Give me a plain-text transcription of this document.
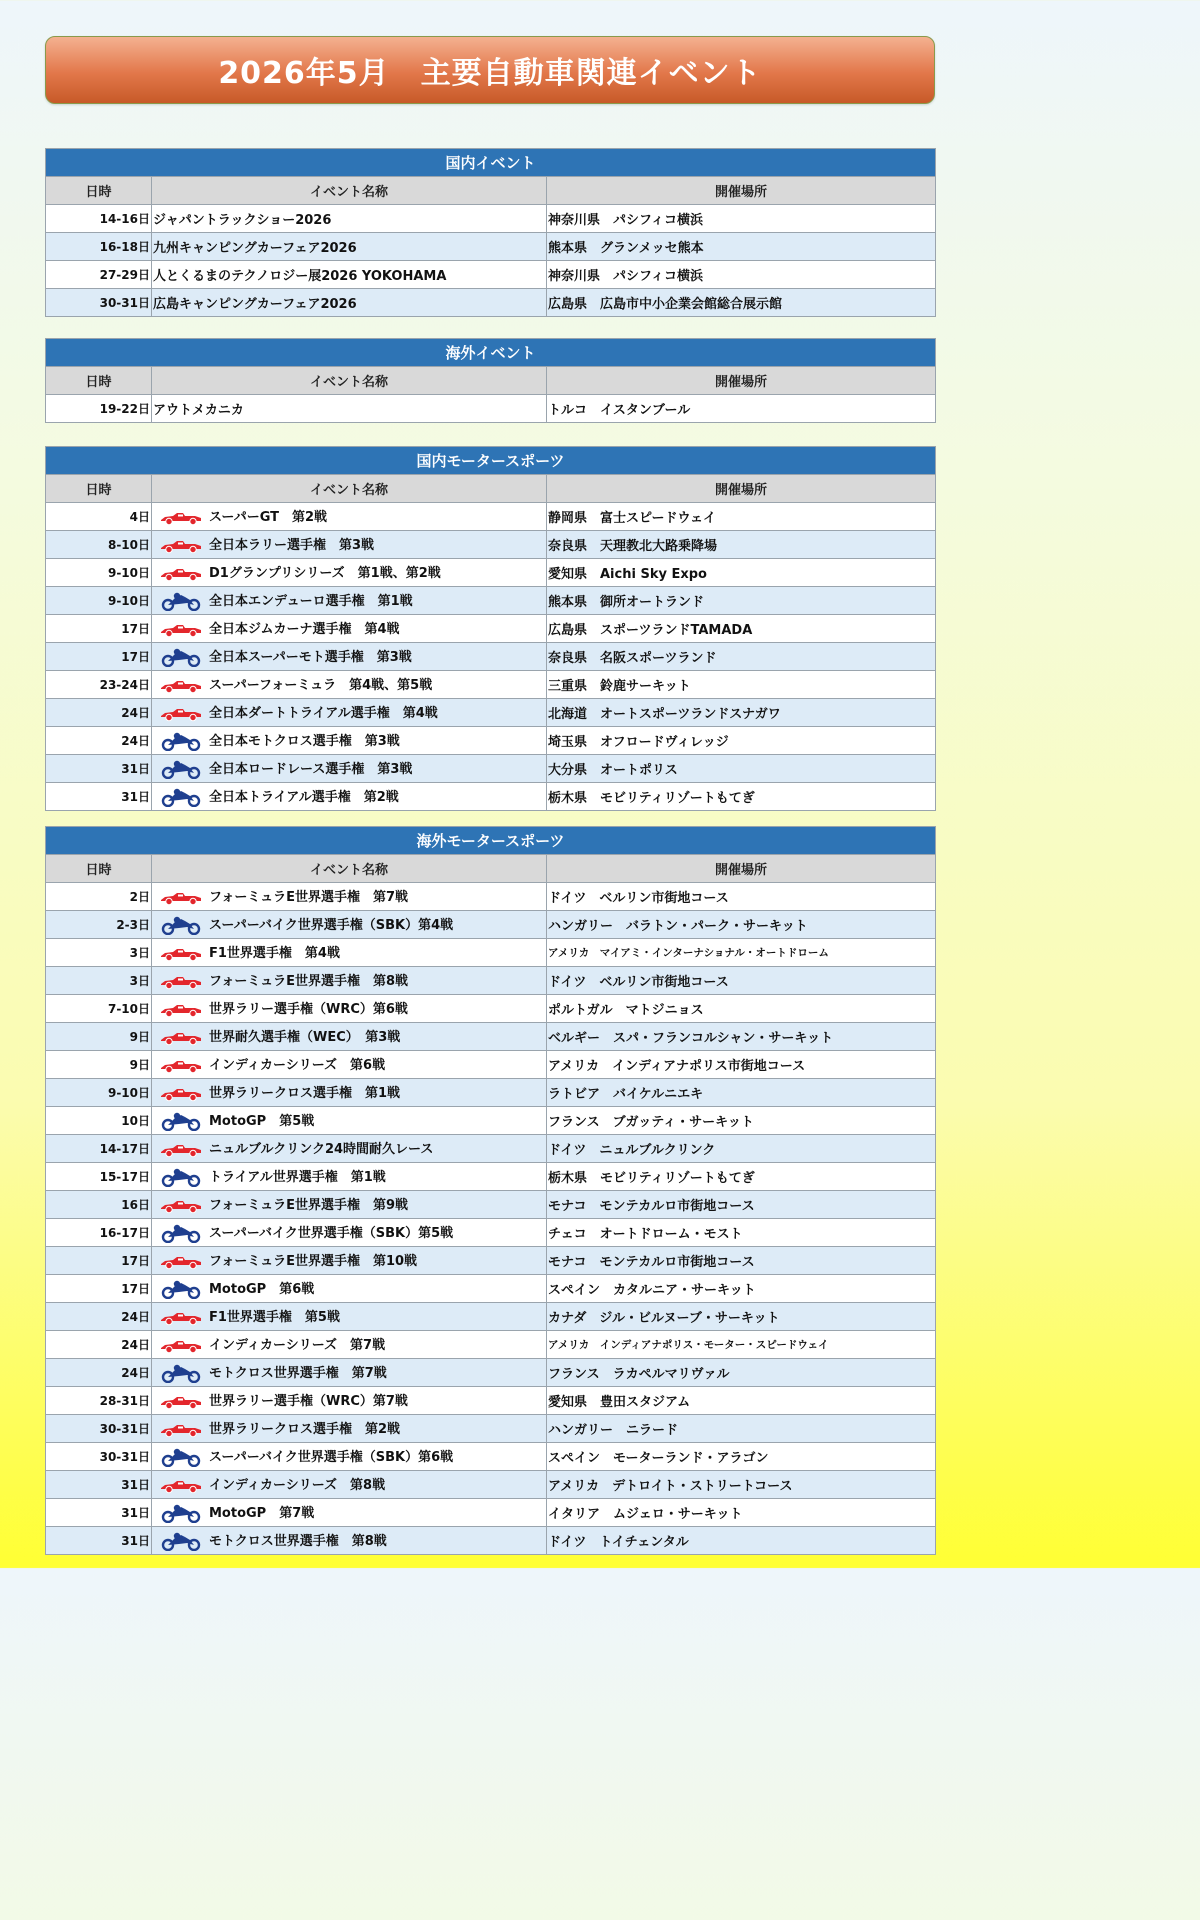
2026年5月　主要自動車関連イベント
国内イベント		
日時	イベント名称	開催場所
14-16日	ジャパントラックショー2026	神奈川県　パシフィコ横浜
16-18日	九州キャンピングカーフェア2026	熊本県　グランメッセ熊本
27-29日	人とくるまのテクノロジー展2026 YOKOHAMA	神奈川県　パシフィコ横浜
30-31日	広島キャンピングカーフェア2026	広島県　広島市中小企業会館総合展示館
海外イベント		
日時	イベント名称	開催場所
19-22日	アウトメカニカ	トルコ　イスタンブール
国内モータースポーツ		
日時	イベント名称	開催場所
4日	スーパーGT　第2戦	静岡県　富士スピードウェイ
8-10日	全日本ラリー選手権　第3戦	奈良県　天理教北大路乗降場
9-10日	D1グランプリシリーズ　第1戦、第2戦	愛知県　Aichi Sky Expo
9-10日	全日本エンデューロ選手権　第1戦	熊本県　御所オートランド
17日	全日本ジムカーナ選手権　第4戦	広島県　スポーツランドTAMADA
17日	全日本スーパーモト選手権　第3戦	奈良県　名阪スポーツランド
23-24日	スーパーフォーミュラ　第4戦、第5戦	三重県　鈴鹿サーキット
24日	全日本ダートトライアル選手権　第4戦	北海道　オートスポーツランドスナガワ
24日	全日本モトクロス選手権　第3戦	埼玉県　オフロードヴィレッジ
31日	全日本ロードレース選手権　第3戦	大分県　オートポリス
31日	全日本トライアル選手権　第2戦	栃木県　モビリティリゾートもてぎ
海外モータースポーツ		
日時	イベント名称	開催場所
2日	フォーミュラE世界選手権　第7戦	ドイツ　ベルリン市街地コース
2-3日	スーパーバイク世界選手権（SBK）第4戦	ハンガリー　バラトン・パーク・サーキット
3日	F1世界選手権　第4戦	アメリカ　マイアミ・インターナショナル・オートドローム
3日	フォーミュラE世界選手権　第8戦	ドイツ　ベルリン市街地コース
7-10日	世界ラリー選手権（WRC）第6戦	ポルトガル　マトジニョス
9日	世界耐久選手権（WEC）　第3戦	ベルギー　スパ・フランコルシャン・サーキット
9日	インディカーシリーズ　第6戦	アメリカ　インディアナポリス市街地コース
9-10日	世界ラリークロス選手権　第1戦	ラトビア　バイケルニエキ
10日	MotoGP　第5戦	フランス　ブガッティ・サーキット
14-17日	ニュルブルクリンク24時間耐久レース	ドイツ　ニュルブルクリンク
15-17日	トライアル世界選手権　第1戦	栃木県　モビリティリゾートもてぎ
16日	フォーミュラE世界選手権　第9戦	モナコ　モンテカルロ市街地コース
16-17日	スーパーバイク世界選手権（SBK）第5戦	チェコ　オートドローム・モスト
17日	フォーミュラE世界選手権　第10戦	モナコ　モンテカルロ市街地コース
17日	MotoGP　第6戦	スペイン　カタルニア・サーキット
24日	F1世界選手権　第5戦	カナダ　ジル・ビルヌーブ・サーキット
24日	インディカーシリーズ　第7戦	アメリカ　インディアナポリス・モーター・スピードウェイ
24日	モトクロス世界選手権　第7戦	フランス　ラカペルマリヴァル
28-31日	世界ラリー選手権（WRC）第7戦	愛知県　豊田スタジアム
30-31日	世界ラリークロス選手権　第2戦	ハンガリー　ニラード
30-31日	スーパーバイク世界選手権（SBK）第6戦	スペイン　モーターランド・アラゴン
31日	インディカーシリーズ　第8戦	アメリカ　デトロイト・ストリートコース
31日	MotoGP　第7戦	イタリア　ムジェロ・サーキット
31日	モトクロス世界選手権　第8戦	ドイツ　トイチェンタル
